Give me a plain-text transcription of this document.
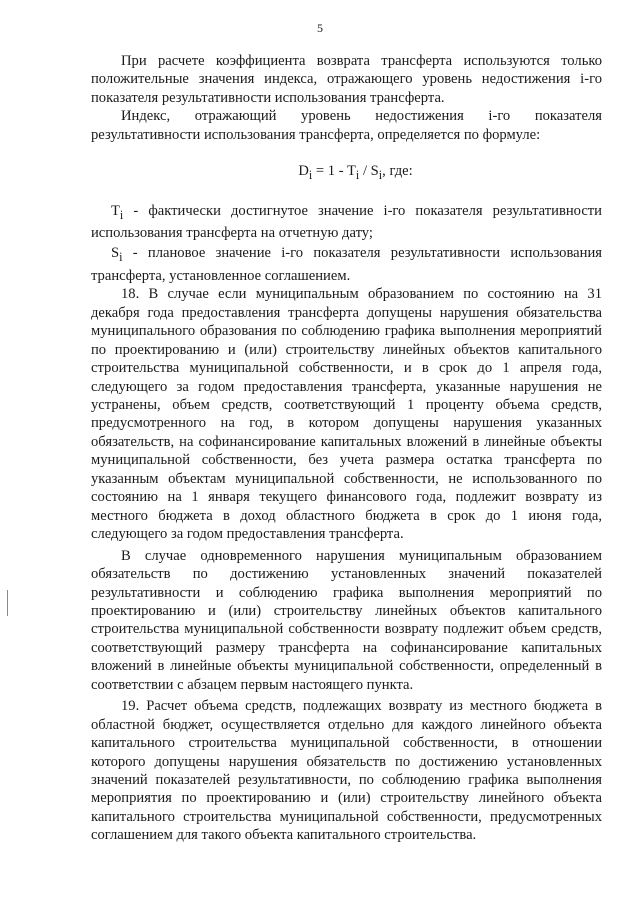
5

При расчете коэффициента возврата трансферта используются только положительные значения индекса, отражающего уровень недостижения i-го показателя результативности использования трансферта.

Индекс, отражающий уровень недостижения i-го показателя результативности использования трансферта, определяется по формуле:

$D_i = 1 - T_i / S_i$, где:

$T_i$ - фактически достигнутое значение i-го показателя результативности использования трансферта на отчетную дату;

$S_i$ - плановое значение i-го показателя результативности использования трансферта, установленное соглашением.

18. В случае если муниципальным образованием по состоянию на 31 декабря года предоставления трансферта допущены нарушения обязательства муниципального образования по соблюдению графика выполнения мероприятий по проектированию и (или) строительству линейных объектов капитального строительства муниципальной собственности, и в срок до 1 апреля года, следующего за годом предоставления трансферта, указанные нарушения не устранены, объем средств, соответствующий 1 проценту объема средств, предусмотренного на год, в котором допущены нарушения указанных обязательств, на софинансирование капитальных вложений в линейные объекты муниципальной собственности, без учета размера остатка трансферта по указанным объектам муниципальной собственности, не использованного по состоянию на 1 января текущего финансового года, подлежит возврату из местного бюджета в доход областного бюджета в срок до 1 июня года, следующего за годом предоставления трансферта.

В случае одновременного нарушения муниципальным образованием обязательств по достижению установленных значений показателей результативности и соблюдению графика выполнения мероприятий по проектированию и (или) строительству линейных объектов капитального строительства муниципальной собственности возврату подлежит объем средств, соответствующий размеру трансферта на софинансирование капитальных вложений в линейные объекты муниципальной собственности, определенный в соответствии с абзацем первым настоящего пункта.

19. Расчет объема средств, подлежащих возврату из местного бюджета в областной бюджет, осуществляется отдельно для каждого линейного объекта капитального строительства муниципальной собственности, в отношении которого допущены нарушения обязательств по достижению установленных значений показателей результативности, по соблюдению графика выполнения мероприятия по проектированию и (или) строительству линейного объекта капитального строительства муниципальной собственности, предусмотренных соглашением для такого объекта капитального строительства.
